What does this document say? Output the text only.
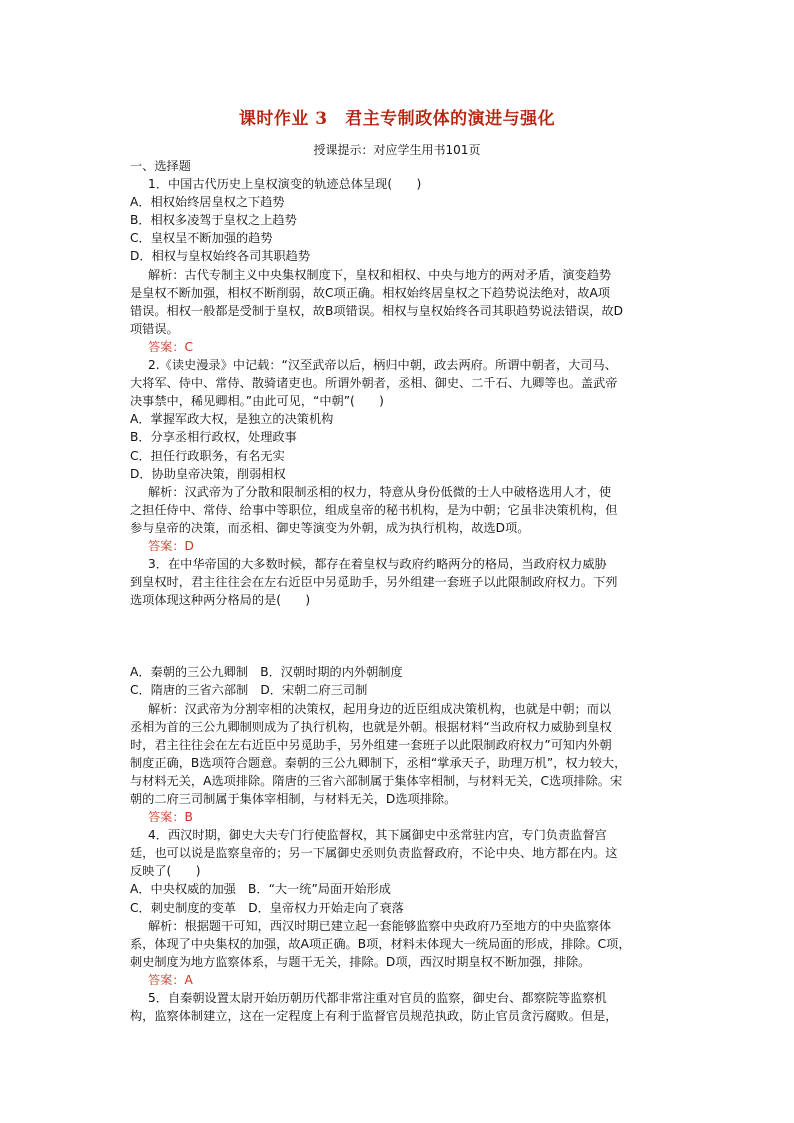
课时作业 3　君主专制政体的演进与强化
授课提示：对应学生用书101页
一、选择题
1．中国古代历史上皇权演变的轨迹总体呈现(　　)
A．相权始终居皇权之下趋势
B．相权多凌驾于皇权之上趋势
C．皇权呈不断加强的趋势
D．相权与皇权始终各司其职趋势
解析：古代专制主义中央集权制度下，皇权和相权、中央与地方的两对矛盾，演变趋势
是皇权不断加强，相权不断削弱，故C项正确。相权始终居皇权之下趋势说法绝对，故A项
错误。相权一般都是受制于皇权，故B项错误。相权与皇权始终各司其职趋势说法错误，故D
项错误。
答案：C
2.《读史漫录》中记载：“汉至武帝以后，柄归中朝，政去两府。所谓中朝者，大司马、
大将军、侍中、常侍、散骑诸吏也。所谓外朝者，丞相、御史、二千石、九卿等也。盖武帝
决事禁中，稀见卿相。”由此可见，“中朝”(　　)
A．掌握军政大权，是独立的决策机构
B．分享丞相行政权，处理政事
C．担任行政职务，有名无实
D．协助皇帝决策，削弱相权
解析：汉武帝为了分散和限制丞相的权力，特意从身份低微的士人中破格选用人才，使
之担任侍中、常侍、给事中等职位，组成皇帝的秘书机构，是为中朝；它虽非决策机构，但
参与皇帝的决策，而丞相、御史等演变为外朝，成为执行机构，故选D项。
答案：D
3．在中华帝国的大多数时候，都存在着皇权与政府约略两分的格局，当政府权力威胁
到皇权时，君主往往会在左右近臣中另觅助手，另外组建一套班子以此限制政府权力。下列
选项体现这种两分格局的是(　　)
A．秦朝的三公九卿制　B．汉朝时期的内外朝制度
C．隋唐的三省六部制　D．宋朝二府三司制
解析：汉武帝为分割宰相的决策权，起用身边的近臣组成决策机构，也就是中朝；而以
丞相为首的三公九卿制则成为了执行机构，也就是外朝。根据材料“当政府权力威胁到皇权
时，君主往往会在左右近臣中另觅助手，另外组建一套班子以此限制政府权力”可知内外朝
制度正确，B选项符合题意。秦朝的三公九卿制下，丞相“掌承天子，助理万机”，权力较大，
与材料无关，A选项排除。隋唐的三省六部制属于集体宰相制，与材料无关，C选项排除。宋
朝的二府三司制属于集体宰相制，与材料无关，D选项排除。
答案：B
4．西汉时期，御史大夫专门行使监督权，其下属御史中丞常驻内宫，专门负责监督宫
廷，也可以说是监察皇帝的；另一下属御史丞则负责监督政府，不论中央、地方都在内。这
反映了(　　)
A．中央权威的加强　B．“大一统”局面开始形成
C．刺史制度的变革　D．皇帝权力开始走向了衰落
解析：根据题干可知，西汉时期已建立起一套能够监察中央政府乃至地方的中央监察体
系，体现了中央集权的加强，故A项正确。B项，材料未体现大一统局面的形成，排除。C项，
刺史制度为地方监察体系，与题干无关，排除。D项，西汉时期皇权不断加强，排除。
答案：A
5．自秦朝设置太尉开始历朝历代都非常注重对官员的监察，御史台、都察院等监察机
构，监察体制建立，这在一定程度上有利于监督官员规范执政，防止官员贪污腐败。但是，
